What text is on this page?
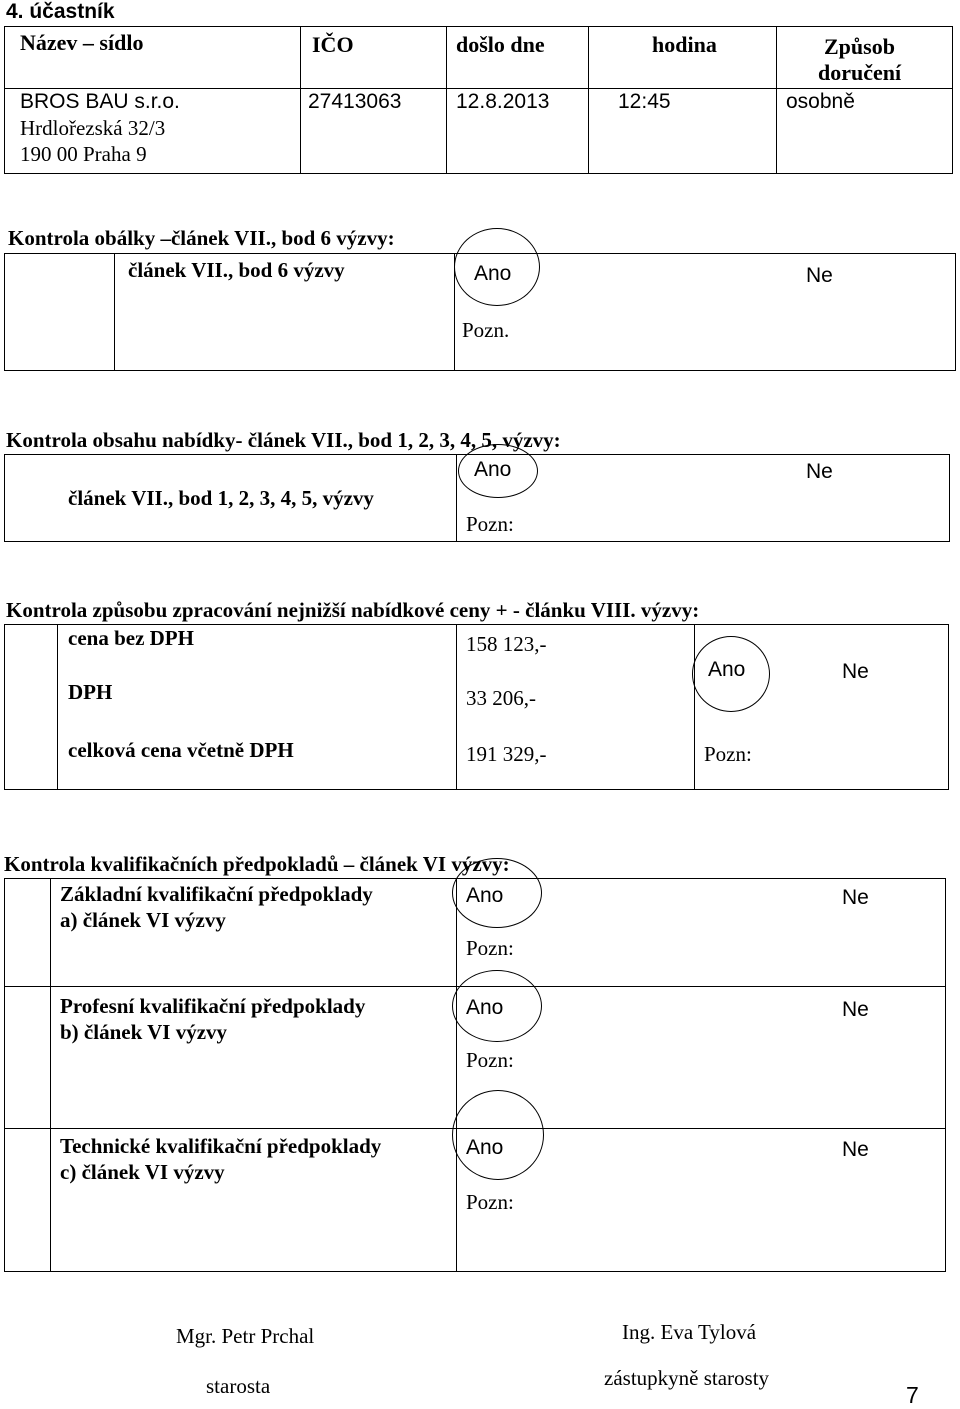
4. účastník
Název – sídlo	IČO	došlo dne	hodina	Způsob
doručení
BROS BAU s.r.o.
Hrdlořezská 32/3
190 00 Praha 9
27413063	12.8.2013	12:45	osobně
Kontrola obálky –článek VII., bod 6 výzvy:
článek VII., bod 6 výzvy	Ano	Ne
Pozn.
Kontrola obsahu nabídky- článek VII., bod 1, 2, 3, 4, 5, výzvy:
článek VII., bod 1, 2, 3, 4, 5, výzvy
Ano	Ne
Pozn:
Kontrola způsobu zpracování nejnižší nabídkové ceny + - článku VIII. výzvy:
cena bez DPH	158 123,-
DPH	33 206,-
celková cena včetně DPH	191 329,-
Ano	Ne
Pozn:
Kontrola kvalifikačních předpokladů – článek VI výzvy:
Základní kvalifikační předpoklady
a) článek VI výzvy
Ano	Ne
Pozn:
Profesní kvalifikační předpoklady
b) článek VI výzvy
Ano	Ne
Pozn:
Technické kvalifikační předpoklady
c) článek VI výzvy
Ano	Ne
Pozn:
Mgr. Petr Prchal
starosta
Ing. Eva Tylová
zástupkyně starosty
7
